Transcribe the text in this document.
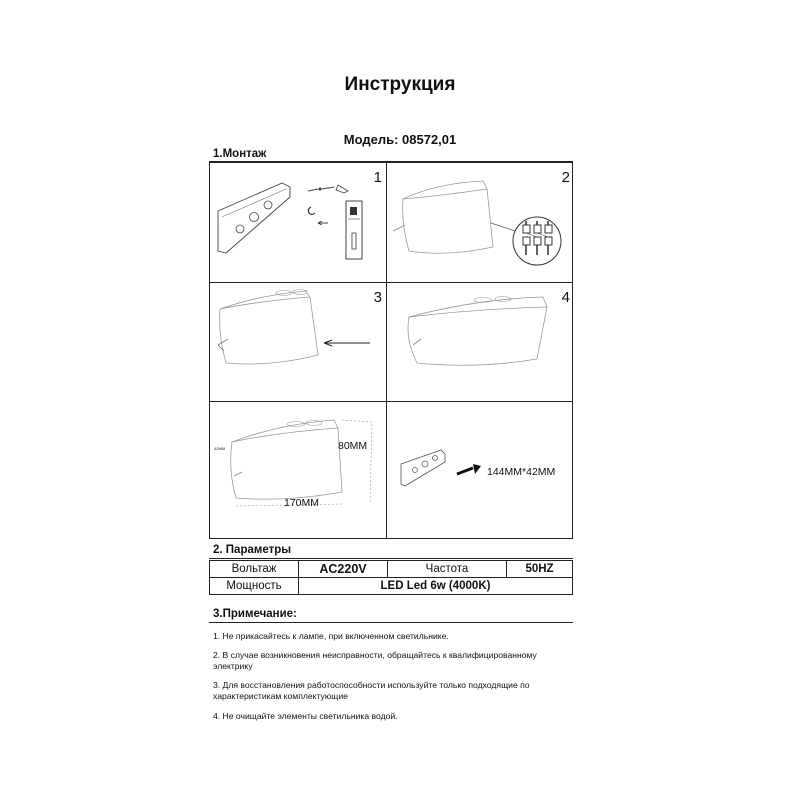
Инструкция
Модель: 08572,01
1.Монтаж
1	2
3	4
42MM	80MM
170MM
144MM*42MM
2. Параметры
Вольтаж	AC220V	Частота	50HZ
Мощность	LED Led 6w (4000K)		
3.Примечание:
1. Не прикасайтесь к лампе, при включенном светильнике.
2. В случае возникновения неисправности, обращайтесь к квалифицированному электрику
3. Для восстановления работоспособности используйте только подходящие по характеристикам комплектующие
4. Не очищайте элементы светильника водой.
